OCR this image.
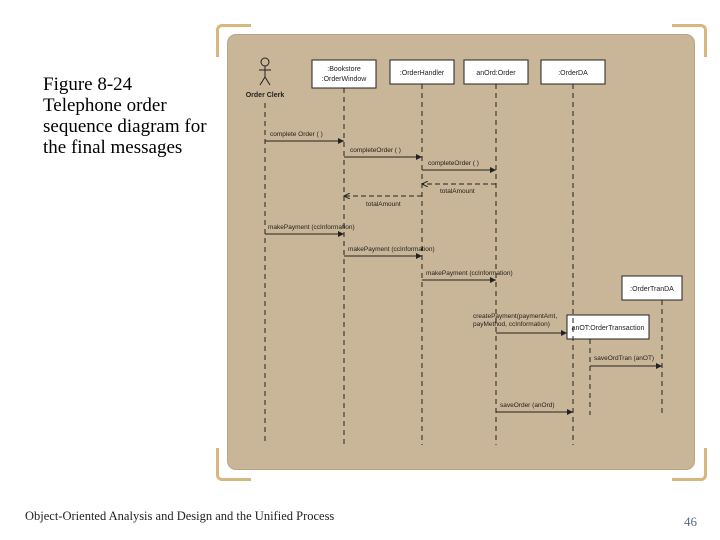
Figure 8-24 Telephone order sequence diagram for the final messages
Order Clerk
:Bookstore
:OrderWindow
:OrderHandler	anOrd:Order	:OrderDA
:OrderTranDA
anOT:OrderTransaction
complete Order ( )
completeOrder ( )
completeOrder ( )
totalAmount
totalAmount
makePayment (ccInformation)
makePayment (ccInformation)
makePayment (ccInformation)
createPayment(paymentAmt,
payMethod, ccInformation)
saveOrdTran (anOT)
saveOrder (anOrd)
Object-Oriented Analysis and Design and the Unified Process	46
